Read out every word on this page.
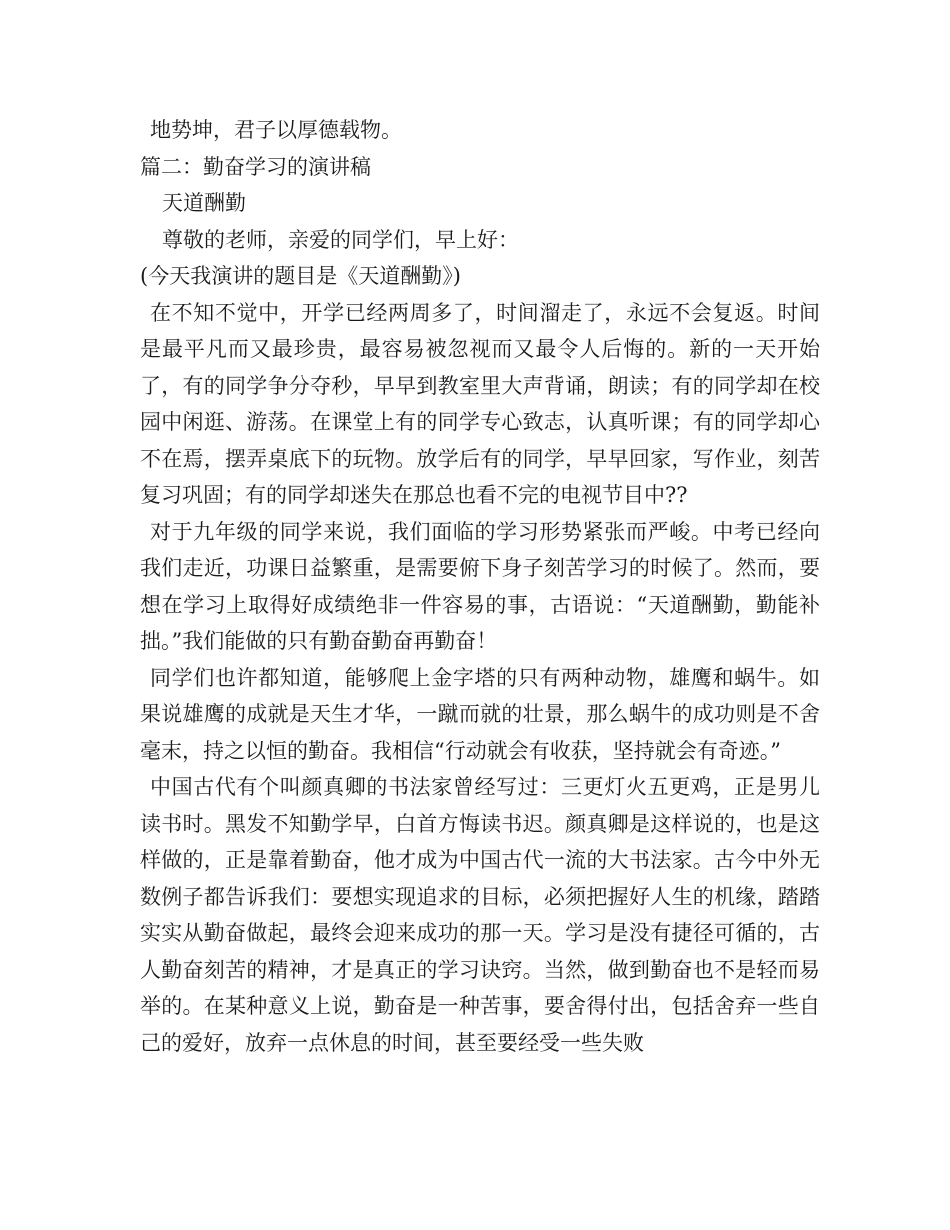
地势坤，君子以厚德载物。
篇二：勤奋学习的演讲稿
天道酬勤
尊敬的老师，亲爱的同学们，早上好：
(今天我演讲的题目是《天道酬勤》)
在不知不觉中，开学已经两周多了，时间溜走了，永远不会复返。时间是最平凡而又最珍贵，最容易被忽视而又最令人后悔的。新的一天开始了，有的同学争分夺秒，早早到教室里大声背诵，朗读；有的同学却在校园中闲逛、游荡。在课堂上有的同学专心致志，认真听课；有的同学却心不在焉，摆弄桌底下的玩物。放学后有的同学，早早回家，写作业，刻苦复习巩固；有的同学却迷失在那总也看不完的电视节目中??
对于九年级的同学来说，我们面临的学习形势紧张而严峻。中考已经向我们走近，功课日益繁重，是需要俯下身子刻苦学习的时候了。然而，要想在学习上取得好成绩绝非一件容易的事，古语说：“天道酬勤，勤能补拙。”我们能做的只有勤奋勤奋再勤奋！
同学们也许都知道，能够爬上金字塔的只有两种动物，雄鹰和蜗牛。如果说雄鹰的成就是天生才华，一蹴而就的壮景，那么蜗牛的成功则是不舍毫末，持之以恒的勤奋。我相信“行动就会有收获，坚持就会有奇迹。”
中国古代有个叫颜真卿的书法家曾经写过：三更灯火五更鸡，正是男儿读书时。黑发不知勤学早，白首方悔读书迟。颜真卿是这样说的，也是这样做的，正是靠着勤奋，他才成为中国古代一流的大书法家。古今中外无数例子都告诉我们：要想实现追求的目标，必须把握好人生的机缘，踏踏实实从勤奋做起，最终会迎来成功的那一天。学习是没有捷径可循的，古人勤奋刻苦的精神，才是真正的学习诀窍。当然，做到勤奋也不是轻而易举的。在某种意义上说，勤奋是一种苦事，要舍得付出，包括舍弃一些自己的爱好，放弃一点休息的时间，甚至要经受一些失败
